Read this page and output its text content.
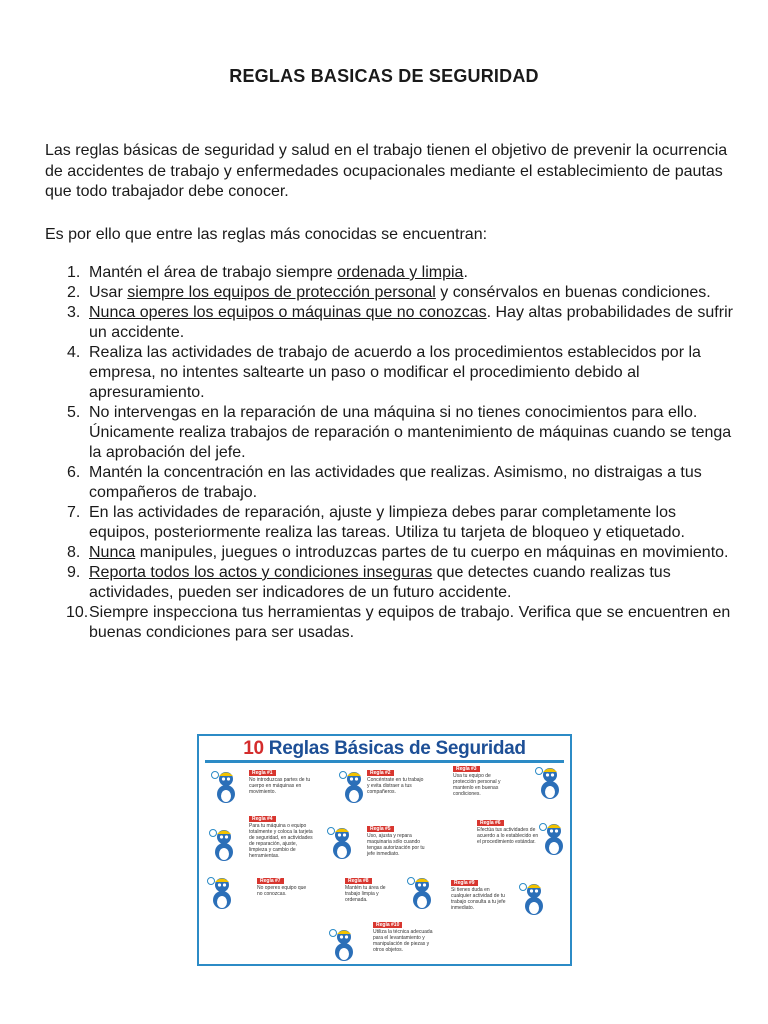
REGLAS BASICAS DE SEGURIDAD

Las reglas básicas de seguridad y salud en el trabajo tienen el objetivo de prevenir la ocurrencia de accidentes de trabajo y enfermedades ocupacionales mediante el establecimiento de pautas que todo trabajador debe conocer.

Es por ello que entre las reglas más conocidas se encuentran:

1. Mantén el área de trabajo siempre ordenada y limpia.
2. Usar siempre los equipos de protección personal y consérvalos en buenas condiciones.
3. Nunca operes los equipos o máquinas que no conozcas. Hay altas probabilidades de sufrir un accidente.
4. Realiza las actividades de trabajo de acuerdo a los procedimientos establecidos por la empresa, no intentes saltearte un paso o modificar el procedimiento debido al apresuramiento.
5. No intervengas en la reparación de una máquina si no tienes conocimientos para ello. Únicamente realiza trabajos de reparación o mantenimiento de máquinas cuando se tenga la aprobación del jefe.
6. Mantén la concentración en las actividades que realizas. Asimismo, no distraigas a tus compañeros de trabajo.
7. En las actividades de reparación, ajuste y limpieza debes parar completamente los equipos, posteriormente realiza las tareas. Utiliza tu tarjeta de bloqueo y etiquetado.
8. Nunca manipules, juegues o introduzcas partes de tu cuerpo en máquinas en movimiento.
9. Reporta todos los actos y condiciones inseguras que detectes cuando realizas tus actividades, pueden ser indicadores de un futuro accidente.
10. Siempre inspecciona tus herramientas y equipos de trabajo. Verifica que se encuentren en buenas condiciones para ser usadas.
10 Reglas Básicas de Seguridad
Regla #1
No introduzcas partes de tu cuerpo en máquinas en movimiento.
Regla #2
Concéntrate en tu trabajo y evita distraer a tus compañeros.
Regla #3
Usa tu equipo de protección personal y mantenlo en buenas condiciones.
Regla #4
Para tu máquina o equipo totalmente y coloca la tarjeta de seguridad, en actividades de reparación, ajuste, limpieza y cambio de herramientas.
Regla #5
Uso, ajusta y repara maquinaria sólo cuando tengas autorización por tu jefe inmediato.
Regla #6
Efectúa tus actividades de acuerdo a lo establecido en el procedimiento estándar.
Regla #7
No operes equipo que no conozcas.
Regla #8
Mantén tu área de trabajo limpia y ordenada.
Regla #9
Si tienes duda en cualquier actividad de tu trabajo consulta a tu jefe inmediato.
Regla #10
Utiliza la técnica adecuada para el levantamiento y manipulación de piezas y otros objetos.
